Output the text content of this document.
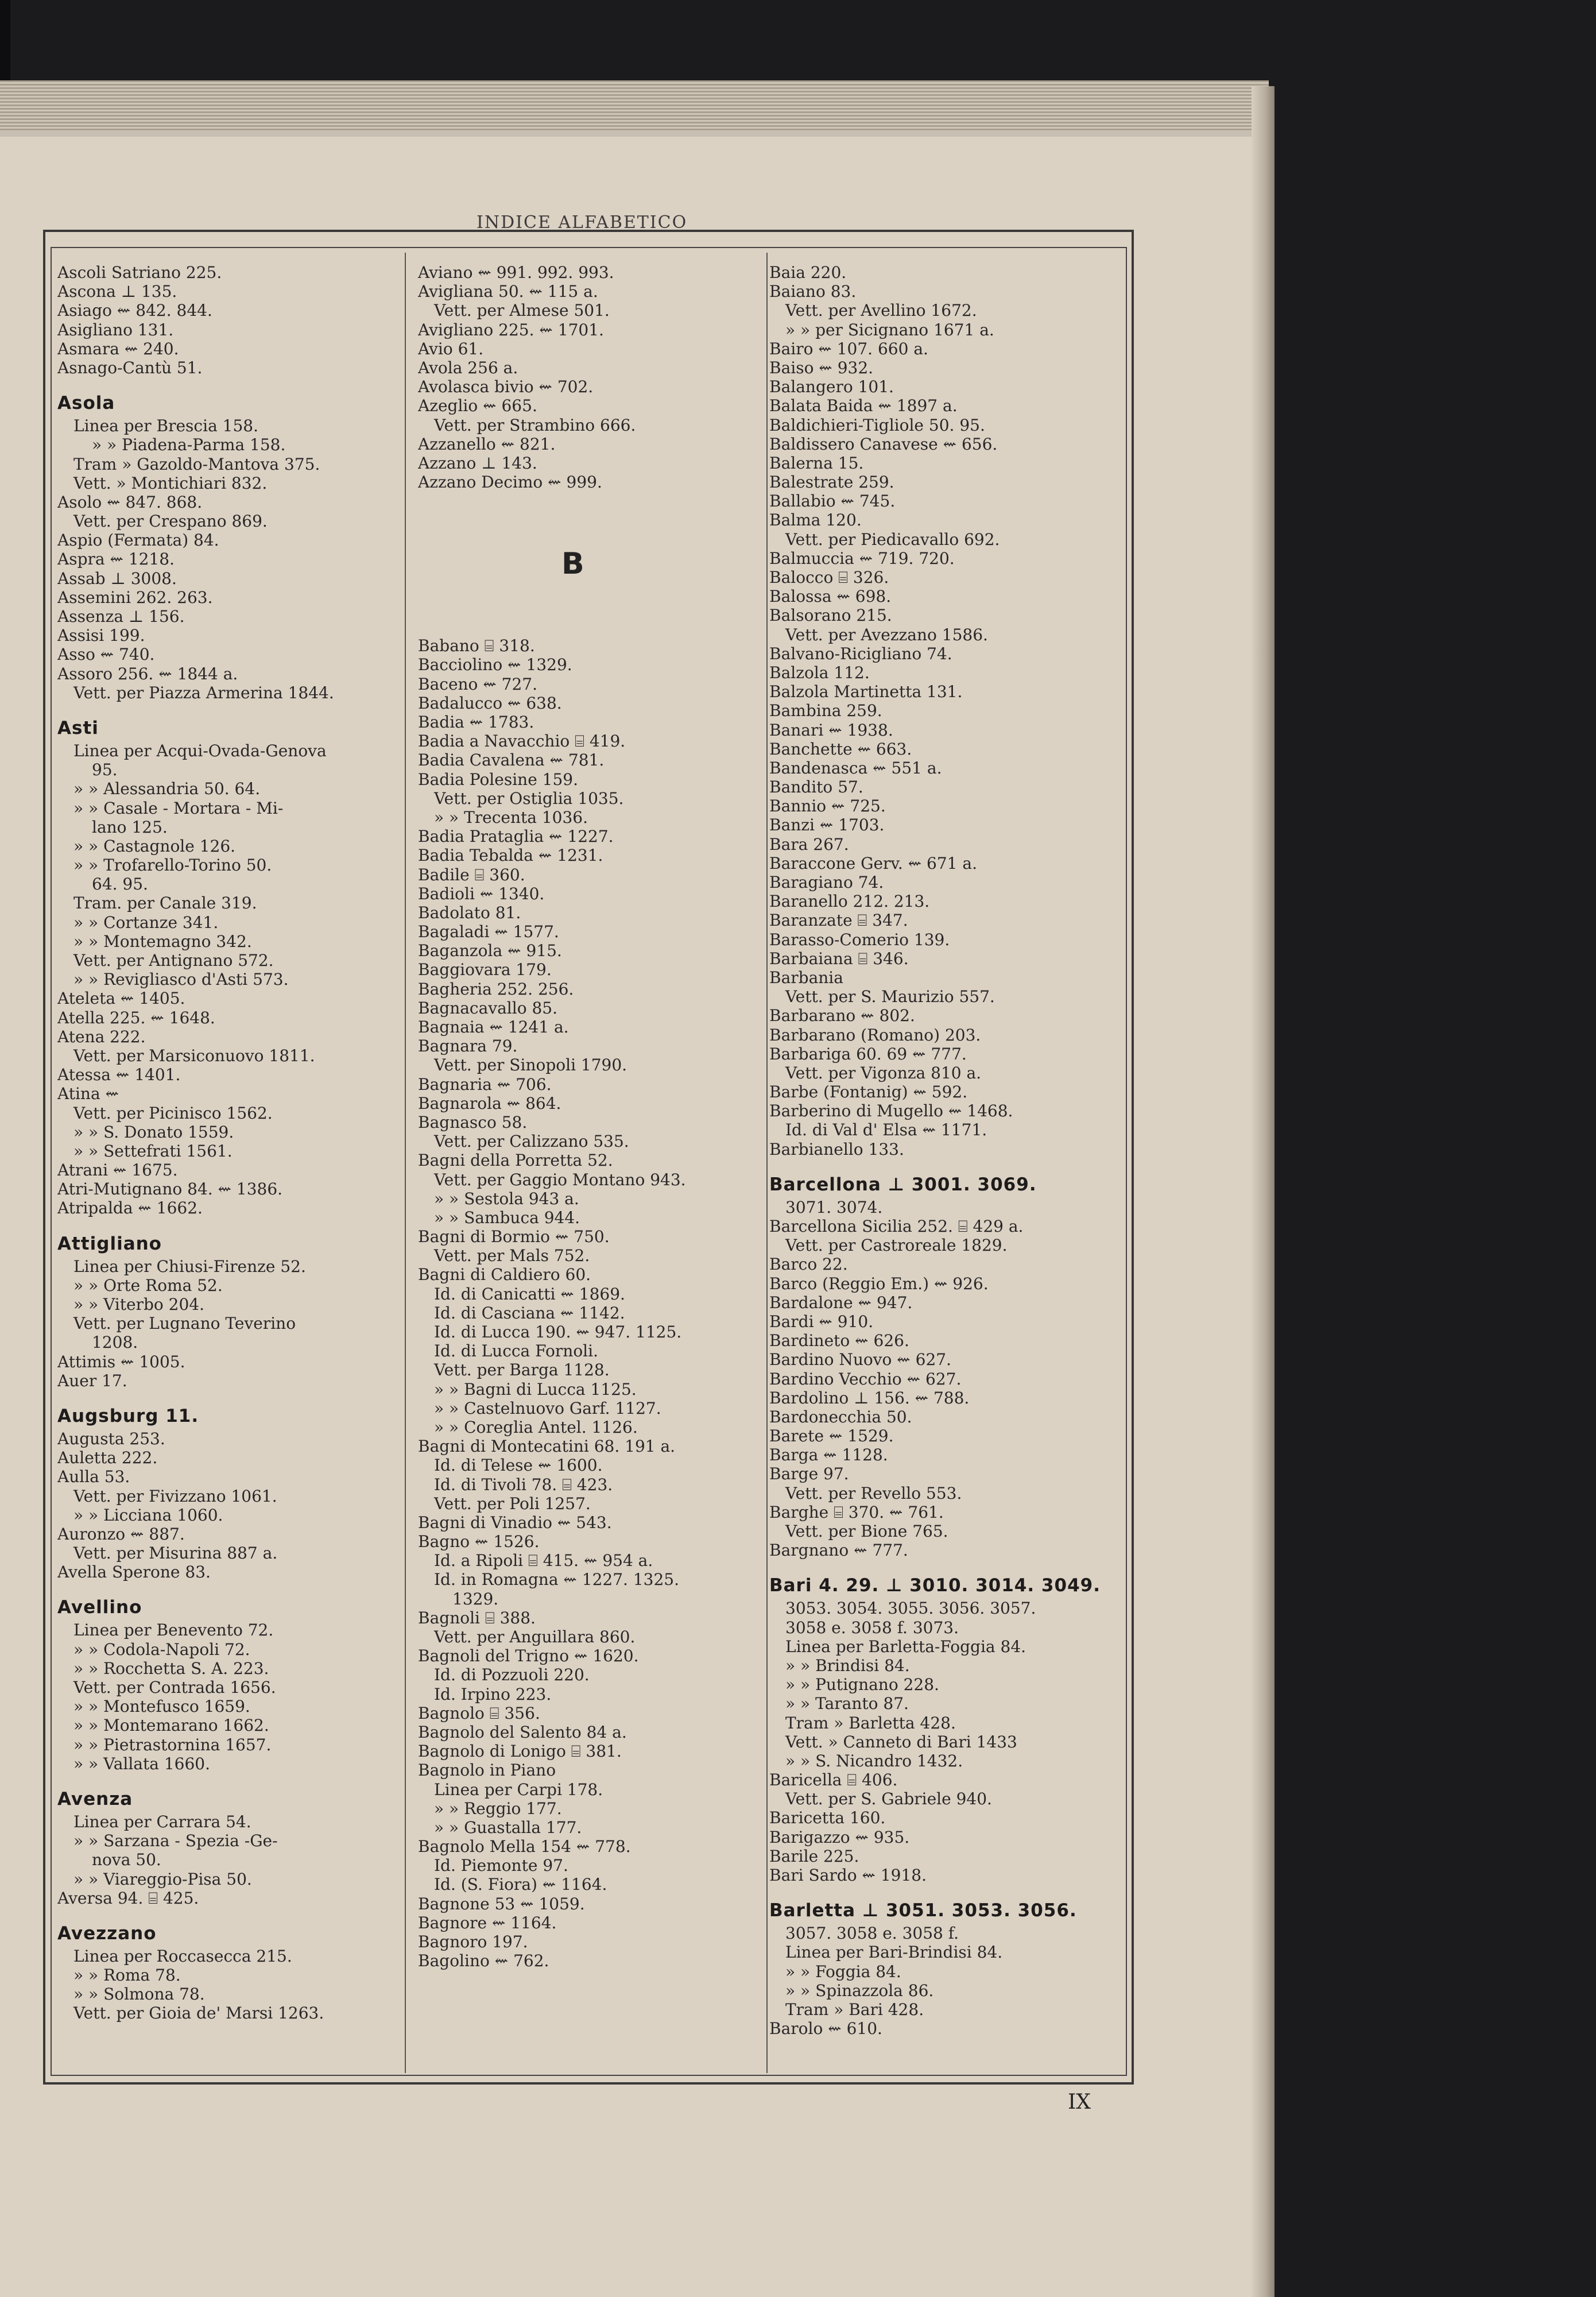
INDICE ALFABETICO
Ascoli Satriano 225.
Ascona ⊥ 135.
Asiago ⇜ 842. 844.
Asigliano 131.
Asmara ⇜ 240.
Asnago-Cantù 51.
Asola
Linea per Brescia 158.
» » Piadena-Parma 158.
Tram » Gazoldo-Mantova 375.
Vett. » Montichiari 832.
Asolo ⇜ 847. 868.
Vett. per Crespano 869.
Aspio (Fermata) 84.
Aspra ⇜ 1218.
Assab ⊥ 3008.
Assemini 262. 263.
Assenza ⊥ 156.
Assisi 199.
Asso ⇜ 740.
Assoro 256. ⇜ 1844 a.
Vett. per Piazza Armerina 1844.
Asti
Linea per Acqui-Ovada-Genova
95.
» » Alessandria 50. 64.
» » Casale - Mortara - Mi-
lano 125.
» » Castagnole 126.
» » Trofarello-Torino 50.
64. 95.
Tram. per Canale 319.
» » Cortanze 341.
» » Montemagno 342.
Vett. per Antignano 572.
» » Revigliasco d'Asti 573.
Ateleta ⇜ 1405.
Atella 225. ⇜ 1648.
Atena 222.
Vett. per Marsiconuovo 1811.
Atessa ⇜ 1401.
Atina ⇜
Vett. per Picinisco 1562.
» » S. Donato 1559.
» » Settefrati 1561.
Atrani ⇜ 1675.
Atri-Mutignano 84. ⇜ 1386.
Atripalda ⇜ 1662.
Attigliano
Linea per Chiusi-Firenze 52.
» » Orte Roma 52.
» » Viterbo 204.
Vett. per Lugnano Teverino
1208.
Attimis ⇜ 1005.
Auer 17.
Augsburg 11.
Augusta 253.
Auletta 222.
Aulla 53.
Vett. per Fivizzano 1061.
» » Licciana 1060.
Auronzo ⇜ 887.
Vett. per Misurina 887 a.
Avella Sperone 83.
Avellino
Linea per Benevento 72.
» » Codola-Napoli 72.
» » Rocchetta S. A. 223.
Vett. per Contrada 1656.
» » Montefusco 1659.
» » Montemarano 1662.
» » Pietrastornina 1657.
» » Vallata 1660.
Avenza
Linea per Carrara 54.
» » Sarzana - Spezia -Ge-
nova 50.
» » Viareggio-Pisa 50.
Aversa 94. ⌸ 425.
Avezzano
Linea per Roccasecca 215.
» » Roma 78.
» » Solmona 78.
Vett. per Gioia de' Marsi 1263.
Aviano ⇜ 991. 992. 993.
Avigliana 50. ⇜ 115 a.
Vett. per Almese 501.
Avigliano 225. ⇜ 1701.
Avio 61.
Avola 256 a.
Avolasca bivio ⇜ 702.
Azeglio ⇜ 665.
Vett. per Strambino 666.
Azzanello ⇜ 821.
Azzano ⊥ 143.
Azzano Decimo ⇜ 999.
B
Babano ⌸ 318.
Bacciolino ⇜ 1329.
Baceno ⇜ 727.
Badalucco ⇜ 638.
Badia ⇜ 1783.
Badia a Navacchio ⌸ 419.
Badia Cavalena ⇜ 781.
Badia Polesine 159.
Vett. per Ostiglia 1035.
» » Trecenta 1036.
Badia Prataglia ⇜ 1227.
Badia Tebalda ⇜ 1231.
Badile ⌸ 360.
Badioli ⇜ 1340.
Badolato 81.
Bagaladi ⇜ 1577.
Baganzola ⇜ 915.
Baggiovara 179.
Bagheria 252. 256.
Bagnacavallo 85.
Bagnaia ⇜ 1241 a.
Bagnara 79.
Vett. per Sinopoli 1790.
Bagnaria ⇜ 706.
Bagnarola ⇜ 864.
Bagnasco 58.
Vett. per Calizzano 535.
Bagni della Porretta 52.
Vett. per Gaggio Montano 943.
» » Sestola 943 a.
» » Sambuca 944.
Bagni di Bormio ⇜ 750.
Vett. per Mals 752.
Bagni di Caldiero 60.
Id. di Canicatti ⇜ 1869.
Id. di Casciana ⇜ 1142.
Id. di Lucca 190. ⇜ 947. 1125.
Id. di Lucca Fornoli.
Vett. per Barga 1128.
» » Bagni di Lucca 1125.
» » Castelnuovo Garf. 1127.
» » Coreglia Antel. 1126.
Bagni di Montecatini 68. 191 a.
Id. di Telese ⇜ 1600.
Id. di Tivoli 78. ⌸ 423.
Vett. per Poli 1257.
Bagni di Vinadio ⇜ 543.
Bagno ⇜ 1526.
Id. a Ripoli ⌸ 415. ⇜ 954 a.
Id. in Romagna ⇜ 1227. 1325.
1329.
Bagnoli ⌸ 388.
Vett. per Anguillara 860.
Bagnoli del Trigno ⇜ 1620.
Id. di Pozzuoli 220.
Id. Irpino 223.
Bagnolo ⌸ 356.
Bagnolo del Salento 84 a.
Bagnolo di Lonigo ⌸ 381.
Bagnolo in Piano
Linea per Carpi 178.
» » Reggio 177.
» » Guastalla 177.
Bagnolo Mella 154 ⇜ 778.
Id. Piemonte 97.
Id. (S. Fiora) ⇜ 1164.
Bagnone 53 ⇜ 1059.
Bagnore ⇜ 1164.
Bagnoro 197.
Bagolino ⇜ 762.
Baia 220.
Baiano 83.
Vett. per Avellino 1672.
» » per Sicignano 1671 a.
Bairo ⇜ 107. 660 a.
Baiso ⇜ 932.
Balangero 101.
Balata Baida ⇜ 1897 a.
Baldichieri-Tigliole 50. 95.
Baldissero Canavese ⇜ 656.
Balerna 15.
Balestrate 259.
Ballabio ⇜ 745.
Balma 120.
Vett. per Piedicavallo 692.
Balmuccia ⇜ 719. 720.
Balocco ⌸ 326.
Balossa ⇜ 698.
Balsorano 215.
Vett. per Avezzano 1586.
Balvano-Ricigliano 74.
Balzola 112.
Balzola Martinetta 131.
Bambina 259.
Banari ⇜ 1938.
Banchette ⇜ 663.
Bandenasca ⇜ 551 a.
Bandito 57.
Bannio ⇜ 725.
Banzi ⇜ 1703.
Bara 267.
Baraccone Gerv. ⇜ 671 a.
Baragiano 74.
Baranello 212. 213.
Baranzate ⌸ 347.
Barasso-Comerio 139.
Barbaiana ⌸ 346.
Barbania
Vett. per S. Maurizio 557.
Barbarano ⇜ 802.
Barbarano (Romano) 203.
Barbariga 60. 69 ⇜ 777.
Vett. per Vigonza 810 a.
Barbe (Fontanig) ⇜ 592.
Barberino di Mugello ⇜ 1468.
Id. di Val d' Elsa ⇜ 1171.
Barbianello 133.
Barcellona ⊥ 3001. 3069.
3071. 3074.
Barcellona Sicilia 252. ⌸ 429 a.
Vett. per Castroreale 1829.
Barco 22.
Barco (Reggio Em.) ⇜ 926.
Bardalone ⇜ 947.
Bardi ⇜ 910.
Bardineto ⇜ 626.
Bardino Nuovo ⇜ 627.
Bardino Vecchio ⇜ 627.
Bardolino ⊥ 156. ⇜ 788.
Bardonecchia 50.
Barete ⇜ 1529.
Barga ⇜ 1128.
Barge 97.
Vett. per Revello 553.
Barghe ⌸ 370. ⇜ 761.
Vett. per Bione 765.
Bargnano ⇜ 777.
Bari 4. 29. ⊥ 3010. 3014. 3049.
3053. 3054. 3055. 3056. 3057.
3058 e. 3058 f. 3073.
Linea per Barletta-Foggia 84.
» » Brindisi 84.
» » Putignano 228.
» » Taranto 87.
Tram » Barletta 428.
Vett. » Canneto di Bari 1433
» » S. Nicandro 1432.
Baricella ⌸ 406.
Vett. per S. Gabriele 940.
Baricetta 160.
Barigazzo ⇜ 935.
Barile 225.
Bari Sardo ⇜ 1918.
Barletta ⊥ 3051. 3053. 3056.
3057. 3058 e. 3058 f.
Linea per Bari-Brindisi 84.
» » Foggia 84.
» » Spinazzola 86.
Tram » Bari 428.
Barolo ⇜ 610.
IX
